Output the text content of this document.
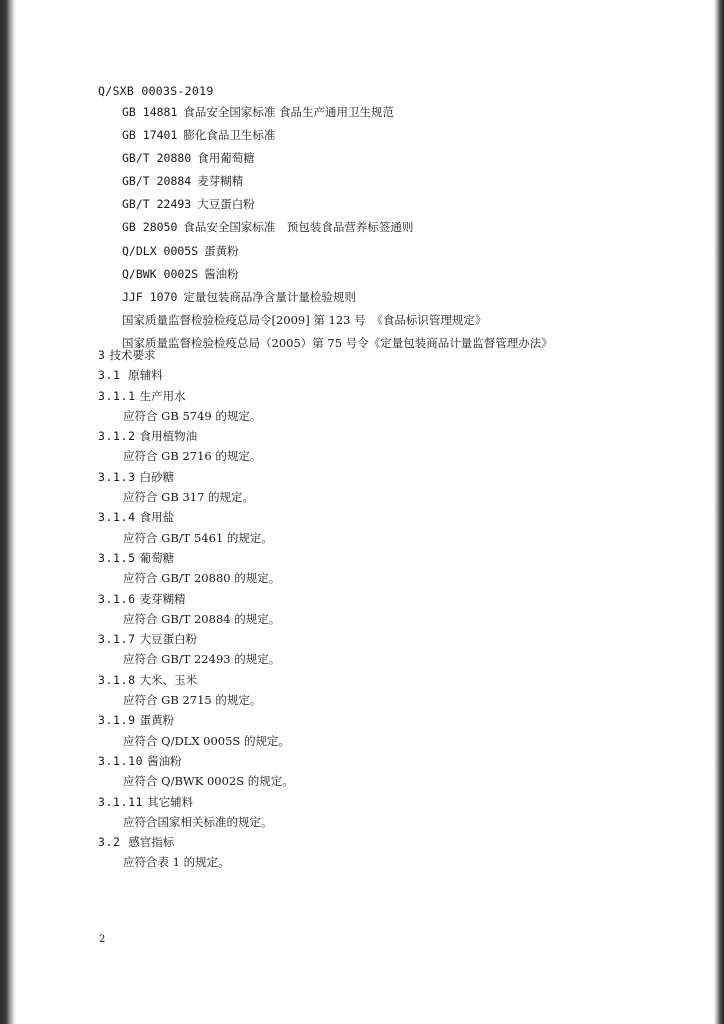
Q/SXB 0003S-2019
GB 14881 食品安全国家标准 食品生产通用卫生规范
GB 17401 膨化食品卫生标准
GB/T 20880 食用葡萄糖
GB/T 20884 麦芽糊精
GB/T 22493 大豆蛋白粉
GB 28050 食品安全国家标准　预包装食品营养标签通则
Q/DLX 0005S 蛋黄粉
Q/BWK 0002S 酱油粉
JJF 1070 定量包装商品净含量计量检验规则
国家质量监督检验检疫总局令[2009] 第 123 号　《食品标识管理规定》
国家质量监督检验检疫总局（2005）第 75 号令《定量包装商品计量监督管理办法》
3 技术要求
3.1 原辅料
3.1.1 生产用水
应符合 GB 5749 的规定。
3.1.2 食用植物油
应符合 GB 2716 的规定。
3.1.3 白砂糖
应符合 GB 317 的规定。
3.1.4 食用盐
应符合 GB/T 5461 的规定。
3.1.5 葡萄糖
应符合 GB/T 20880 的规定。
3.1.6 麦芽糊精
应符合 GB/T 20884 的规定。
3.1.7 大豆蛋白粉
应符合 GB/T 22493 的规定。
3.1.8 大米、玉米
应符合 GB 2715 的规定。
3.1.9 蛋黄粉
应符合 Q/DLX 0005S 的规定。
3.1.10 酱油粉
应符合 Q/BWK 0002S 的规定。
3.1.11 其它辅料
应符合国家相关标准的规定。
3.2 感官指标
应符合表 1 的规定。
2
